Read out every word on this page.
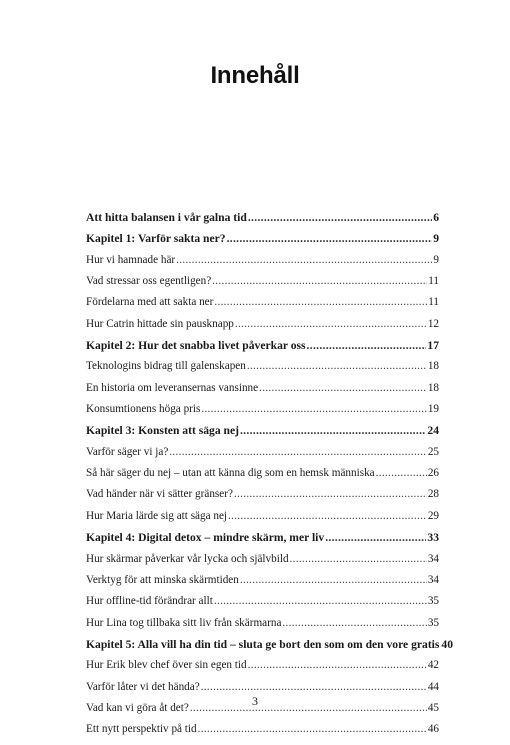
Innehåll
Att hitta balansen i vår galna tid .....	6
Kapitel 1: Varför sakta ner? .....	9
Hur vi hamnade här .....	9
Vad stressar oss egentligen? .....	11
Fördelarna med att sakta ner .....	11
Hur Catrin hittade sin pausknapp .....	12
Kapitel 2: Hur det snabba livet påverkar oss .....	17
Teknologins bidrag till galenskapen .....	18
En historia om leveransernas vansinne .....	18
Konsumtionens höga pris .....	19
Kapitel 3: Konsten att säga nej .....	24
Varför säger vi ja? .....	25
Så här säger du nej – utan att känna dig som en hemsk människa .....	26
Vad händer när vi sätter gränser? .....	28
Hur Maria lärde sig att säga nej .....	29
Kapitel 4: Digital detox – mindre skärm, mer liv .....	33
Hur skärmar påverkar vår lycka och självbild .....	34
Verktyg för att minska skärmtiden .....	34
Hur offline-tid förändrar allt .....	35
Hur Lina tog tillbaka sitt liv från skärmarna .....	35
Kapitel 5: Alla vill ha din tid – sluta ge bort den som om den vore gratis 40
Hur Erik blev chef över sin egen tid .....	42
Varför låter vi det hända? .....	44
Vad kan vi göra åt det? .....	45
Ett nytt perspektiv på tid .....	46
3
